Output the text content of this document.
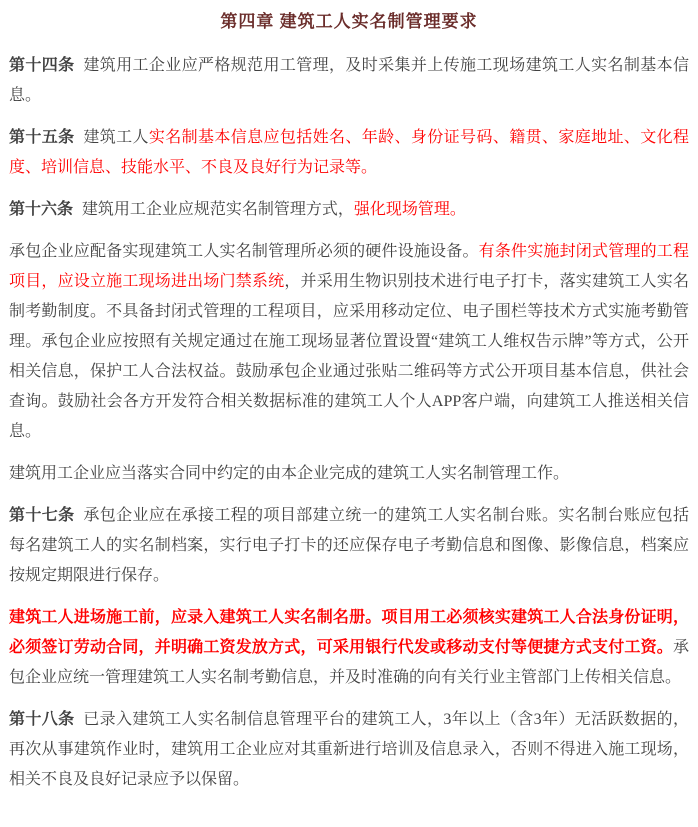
第四章 建筑工人实名制管理要求

第十四条 建筑用工企业应严格规范用工管理，及时采集并上传施工现场建筑工人实名制基本信息。

第十五条 建筑工人实名制基本信息应包括姓名、年龄、身份证号码、籍贯、家庭地址、文化程度、培训信息、技能水平、不良及良好行为记录等。

第十六条 建筑用工企业应规范实名制管理方式，强化现场管理。

承包企业应配备实现建筑工人实名制管理所必须的硬件设施设备。有条件实施封闭式管理的工程项目，应设立施工现场进出场门禁系统，并采用生物识别技术进行电子打卡，落实建筑工人实名制考勤制度。不具备封闭式管理的工程项目，应采用移动定位、电子围栏等技术方式实施考勤管理。承包企业应按照有关规定通过在施工现场显著位置设置“建筑工人维权告示牌”等方式，公开相关信息，保护工人合法权益。鼓励承包企业通过张贴二维码等方式公开项目基本信息，供社会查询。鼓励社会各方开发符合相关数据标准的建筑工人个人APP客户端，向建筑工人推送相关信息。

建筑用工企业应当落实合同中约定的由本企业完成的建筑工人实名制管理工作。

第十七条 承包企业应在承接工程的项目部建立统一的建筑工人实名制台账。实名制台账应包括每名建筑工人的实名制档案，实行电子打卡的还应保存电子考勤信息和图像、影像信息，档案应按规定期限进行保存。

建筑工人进场施工前，应录入建筑工人实名制名册。项目用工必须核实建筑工人合法身份证明，必须签订劳动合同，并明确工资发放方式，可采用银行代发或移动支付等便捷方式支付工资。承包企业应统一管理建筑工人实名制考勤信息，并及时准确的向有关行业主管部门上传相关信息。

第十八条 已录入建筑工人实名制信息管理平台的建筑工人，3年以上（含3年）无活跃数据的，再次从事建筑作业时，建筑用工企业应对其重新进行培训及信息录入，否则不得进入施工现场，相关不良及良好记录应予以保留。
